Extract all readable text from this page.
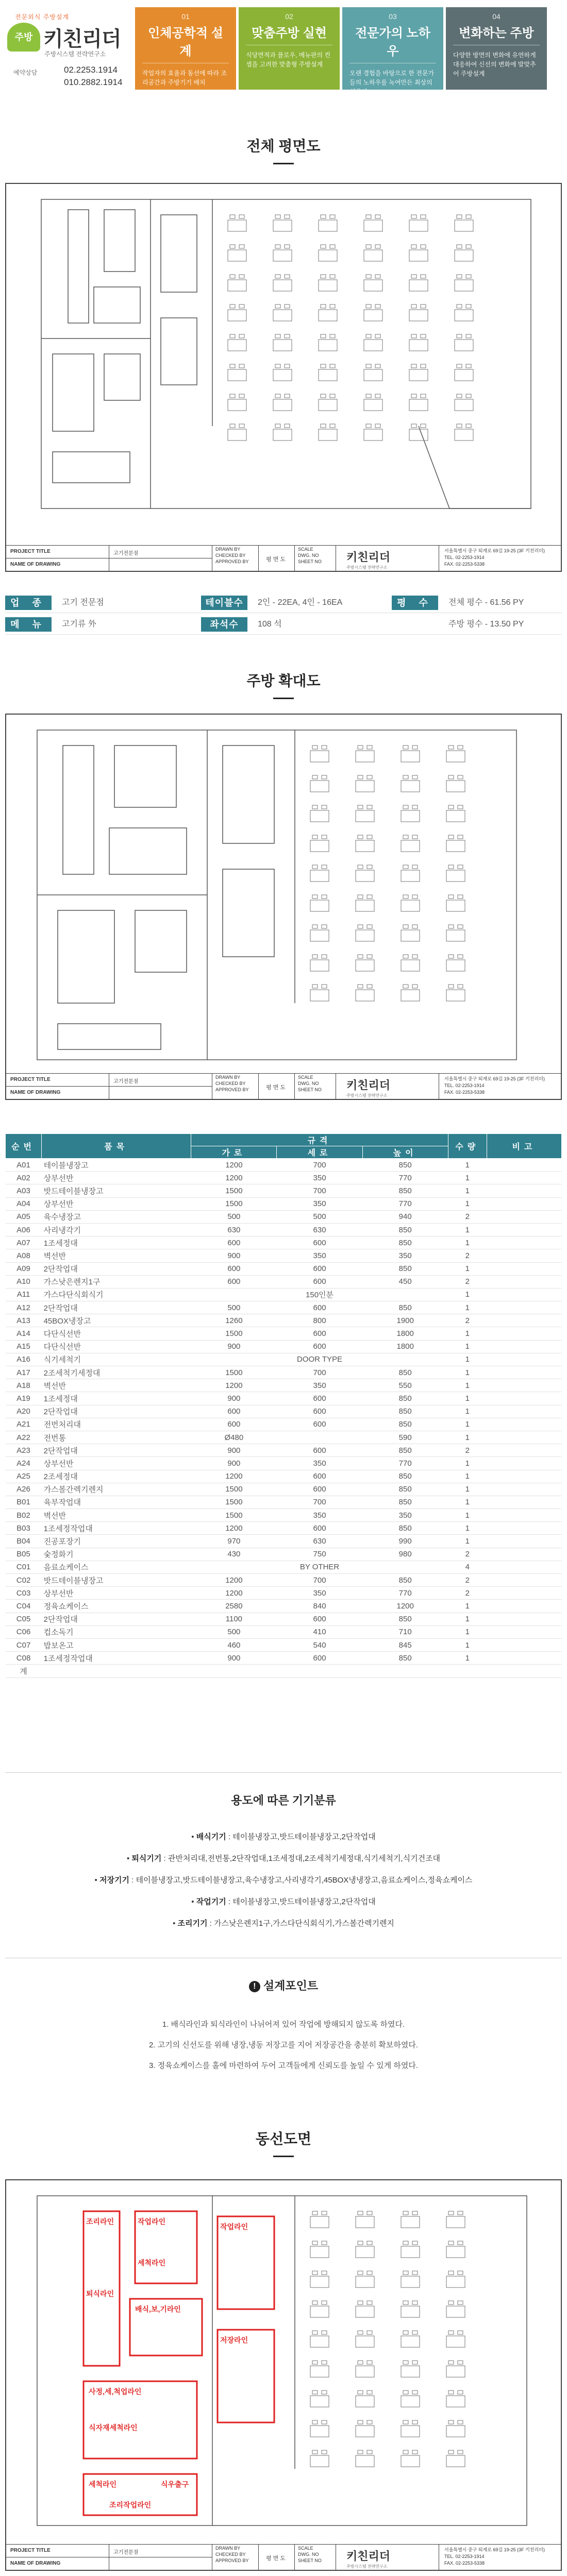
전문외식 주방설계
주방 키친리더
주방시스템 전략연구소
예약상담	02.2253.1914
010.2882.1914
01
인체공학적 설계
작업자의 효율과 동선에 따라 조리공간과 주방기기 배치
02
맞춤주방 실현
식당면적과 플로우, 메뉴판의 컨셉을 고려한 맞춤형 주방설계
03
전문가의 노하우
오랜 경험을 바탕으로 한 전문가들의 노하우를 녹여만든 최상의 설루션
04
변화하는 주방
다양한 방면의 변화에 유연하게 대응하여 신선의 변화에 발맞추어 주방설계
전체 평면도
PROJECT TITLE
NAME OF DRAWING
고기전문점
DRAWN BY
CHECKED BY
APPROVED BY	평 면 도
SCALE
DWG. NO
SHEET NO 키친리더
주방시스템 전략연구소
서울특별시 중구 퇴계로 69길 19-25 (3F 키친리더)
TEL. 02-2253-1914
FAX. 02-2253-5338
업 종	고기 전문점	테이블수	2인 - 22EA, 4인 - 16EA	평 수	전체 평수 - 61.56 PY
메 뉴	고기류 外	좌석수	108 석	주방 평수 - 13.50 PY
주방 확대도
PROJECT TITLE
NAME OF DRAWING
고기전문점
DRAWN BY
CHECKED BY
APPROVED BY	평 면 도
SCALE
DWG. NO
SHEET NO 키친리더
주방시스템 전략연구소
서울특별시 중구 퇴계로 69길 19-25 (3F 키친리더)
TEL. 02-2253-1914
FAX. 02-2253-5338
순번	품목	규격			수량	비고
		가로	세로	높이		
A01	테이블냉장고	1200	700	850	1	
A02	상부선반	1200	350	770	1	
A03	밧드테이블냉장고	1500	700	850	1	
A04	상부선반	1500	350	770	1	
A05	육수냉장고	500	500	940	2	
A06	사리냉각기	630	630	850	1	
A07	1조세정대	600	600	850	1	
A08	벽선반	900	350	350	2	
A09	2단작업대	600	600	850	1	
A10	가스낮은렌지1구	600	600	450	2	
A11	가스다단식회식기	150인분			1	
A12	2단작업대	500	600	850	1	
A13	45BOX냉장고	1260	800	1900	2	
A14	다단식선반	1500	600	1800	1	
A15	다단식선반	900	600	1800	1	
A16	식기세척기	DOOR TYPE			1	
A17	2조세척기세정대	1500	700	850	1	
A18	벽선반	1200	350	550	1	
A19	1조세정대	900	600	850	1	
A20	2단작업대	600	600	850	1	
A21	전번처리대	600	600	850	1	
A22	전번통	Ø480		590	1	
A23	2단작업대	900	600	850	2	
A24	상부선반	900	350	770	1	
A25	2조세정대	1200	600	850	1	
A26	가스볼간렉기렌지	1500	600	850	1	
B01	육부작업대	1500	700	850	1	
B02	벽선반	1500	350	350	1	
B03	1조세정작업대	1200	600	850	1	
B04	진공포장기	970	630	990	1	
B05	숯정화기	430	750	980	2	
C01	음료쇼케이스	BY OTHER			4	
C02	밧드테이블냉장고	1200	700	850	2	
C03	상부선반	1200	350	770	2	
C04	정육쇼케이스	2580	840	1200	1	
C05	2단작업대	1100	600	850	1	
C06	컵소독기	500	410	710	1	
C07	밥보온고	460	540	845	1	
C08	1조세정작업대	900	600	850	1	
계						
용도에 따른 기기분류
• 배식기기 : 테이블냉장고,밧드테이블냉장고,2단작업대
• 퇴식기기 : 관반처리대,전번통,2단작업대,1조세정대,2조세척기세정대,식기세척기,식기건조대
• 저장기기 : 테이블냉장고,밧드테이블냉장고,육수냉장고,사리냉각기,45BOX냉냉장고,음료쇼케이스,정육쇼케이스
• 작업기기 : 테이블냉장고,밧드테이블냉장고,2단작업대
• 조리기기 : 가스낮은렌지1구,가스다단식회식기,가스볼간렉기렌지
! 설계포인트
1. 배식라인과 퇴식라인이 나뉘어져 있어 작업에 방해되지 않도록 하였다.
2. 고기의 신선도를 위해 냉장,냉동 저장고를 지어 저장공간을 충분히 확보하였다.
3. 정육쇼케이스를 홀에 마련하여 두어 고객들에게 신뢰도를 높일 수 있게 하였다.
동선도면
조리라인
퇴식라인
작업라인
세척라인
배식,보,기라인
사정,세,척업라인
식자재세척라인
세척라인
작업라인
저장라인
식우출구
조리작업라인
PROJECT TITLE
NAME OF DRAWING
고기전문점
DRAWN BY
CHECKED BY
APPROVED BY	평 면 도
SCALE
DWG. NO
SHEET NO 키친리더
주방시스템 전략연구소
서울특별시 중구 퇴계로 69길 19-25 (3F 키친리더)
TEL. 02-2253-1914
FAX. 02-2253-5338
